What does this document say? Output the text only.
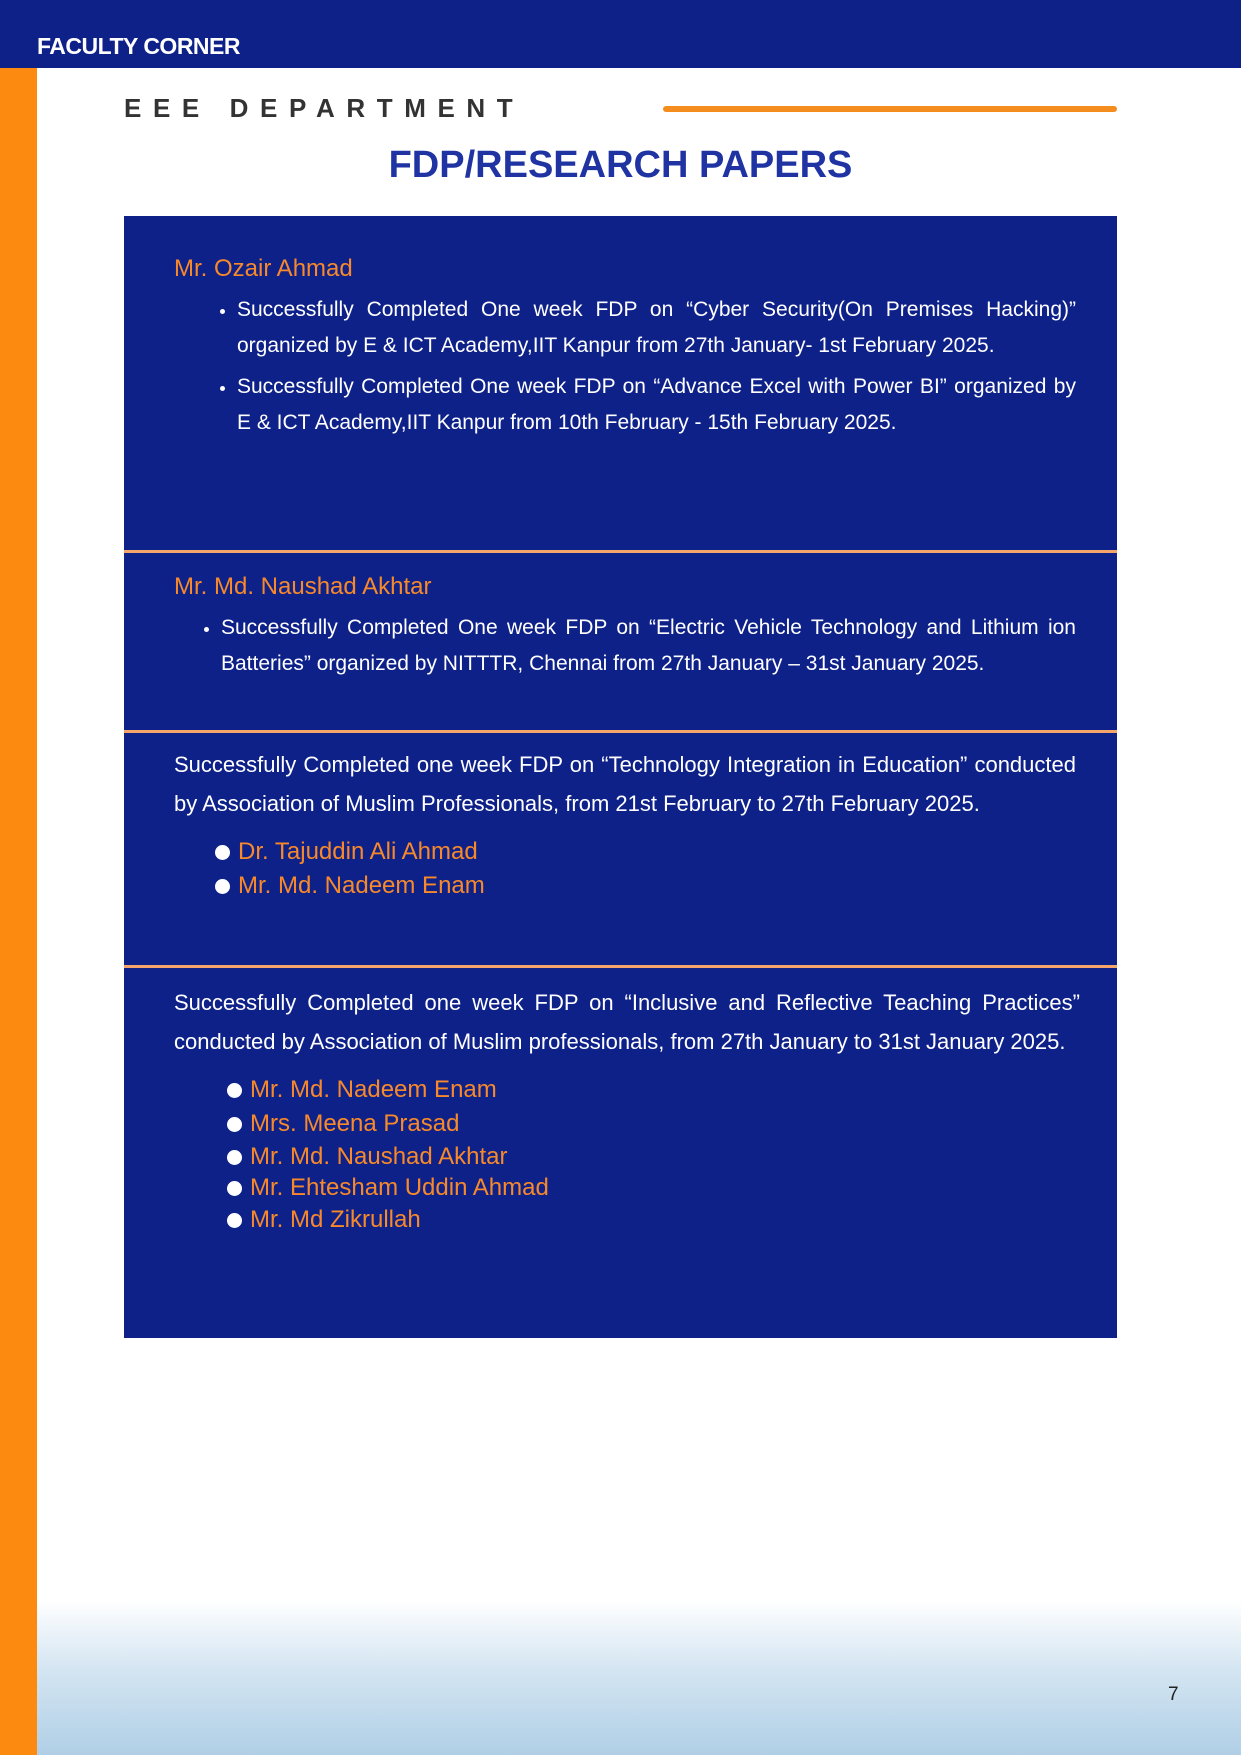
FACULTY CORNER
EEE DEPARTMENT
FDP/RESEARCH PAPERS
Mr. Ozair Ahmad
• Successfully Completed One week FDP on “Cyber Security(On Premises Hacking)” organized by E & ICT Academy,IIT Kanpur from 27th January- 1st February 2025.
• Successfully Completed One week FDP on “Advance Excel with Power BI” organized by E & ICT Academy,IIT Kanpur from 10th February - 15th February 2025.
Mr. Md. Naushad Akhtar
• Successfully Completed One week FDP on “Electric Vehicle Technology and Lithium ion Batteries” organized by NITTTR, Chennai from 27th January – 31st January 2025.

Successfully Completed one week FDP on “Technology Integration in Education” conducted by Association of Muslim Professionals, from 21st February to 27th February 2025.

Dr. Tajuddin Ali Ahmad
Mr. Md. Nadeem Enam

Successfully Completed one week FDP on “Inclusive and Reflective Teaching Practices” conducted by Association of Muslim professionals, from 27th January to 31st January 2025.

Mr. Md. Nadeem Enam
Mrs. Meena Prasad
Mr. Md. Naushad Akhtar
Mr. Ehtesham Uddin Ahmad
Mr. Md Zikrullah
7
